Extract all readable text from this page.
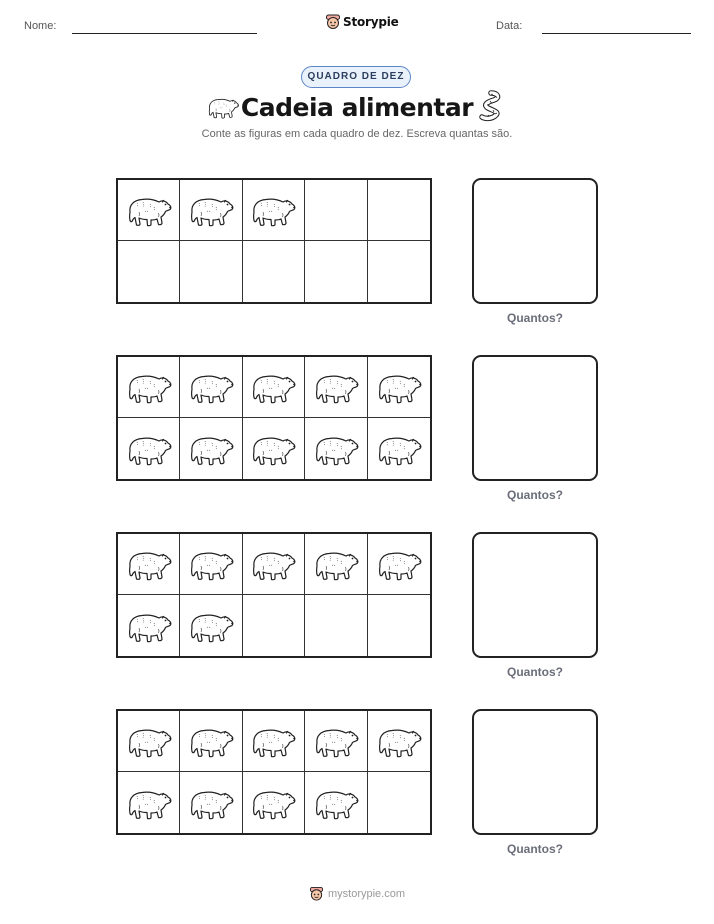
Nome:	Storypie	Data:
QUADRO DE DEZ
Cadeia alimentar
Conte as figuras em cada quadro de dez. Escreva quantas são.
Quantos?
Quantos?
Quantos?
Quantos?
mystorypie.com
